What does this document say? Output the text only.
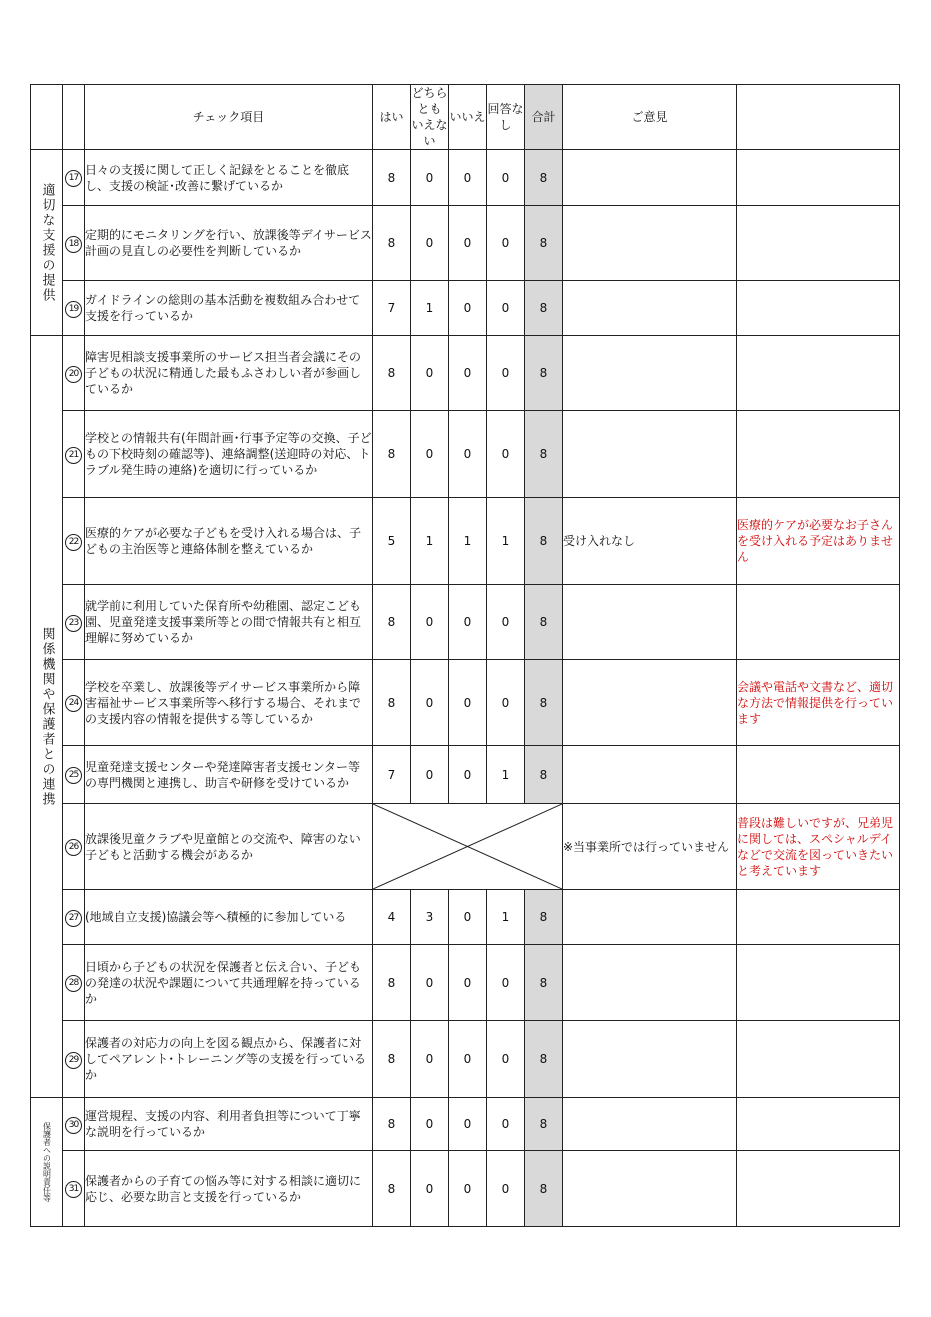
		チェック項目	はい	どちらとも いえない	いいえ	回答なし	合計	ご意見	

適切な支援の提供	17	日々の支援に関して正しく記録をとることを徹底し、支援の検証･改善に繋げているか	8	0	0	0	8		
	18	定期的にモニタリングを行い、放課後等デイサービス計画の見直しの必要性を判断しているか	8	0	0	0	8		
	19	ガイドラインの総則の基本活動を複数組み合わせて支援を行っているか	7	1	0	0	8		

関係機関や保護者との連携	20	障害児相談支援事業所のサービス担当者会議にその子どもの状況に精通した最もふさわしい者が参画しているか	8	0	0	0	8		
	21	学校との情報共有(年間計画･行事予定等の交換、子どもの下校時刻の確認等)、連絡調整(送迎時の対応、トラブル発生時の連絡)を適切に行っているか	8	0	0	0	8		
	22	医療的ケアが必要な子どもを受け入れる場合は、子どもの主治医等と連絡体制を整えているか	5	1	1	1	8	受け入れなし	医療的ケアが必要なお子さんを受け入れる予定はありません
	23	就学前に利用していた保育所や幼稚園、認定こども園、児童発達支援事業所等との間で情報共有と相互理解に努めているか	8	0	0	0	8		
	24	学校を卒業し、放課後等デイサービス事業所から障害福祉サービス事業所等へ移行する場合、それまでの支援内容の情報を提供する等しているか	8	0	0	0	8		会議や電話や文書など、適切な方法で情報提供を行っています
	25	児童発達支援センターや発達障害者支援センター等の専門機関と連携し、助言や研修を受けているか	7	0	0	1	8		
	26	放課後児童クラブや児童館との交流や、障害のない子どもと活動する機会があるか						※当事業所では行っていません	普段は難しいですが、兄弟児に関しては、スペシャルデイなどで交流を図っていきたいと考えています
	27	(地域自立支援)協議会等へ積極的に参加している	4	3	0	1	8		
	28	日頃から子どもの状況を保護者と伝え合い、子どもの発達の状況や課題について共通理解を持っているか	8	0	0	0	8		
	29	保護者の対応力の向上を図る観点から、保護者に対してペアレント･トレーニング等の支援を行っているか	8	0	0	0	8		

保護者への説明責任等	30	運営規程、支援の内容、利用者負担等について丁寧な説明を行っているか	8	0	0	0	8		
	31	保護者からの子育ての悩み等に対する相談に適切に応じ、必要な助言と支援を行っているか	8	0	0	0	8		
